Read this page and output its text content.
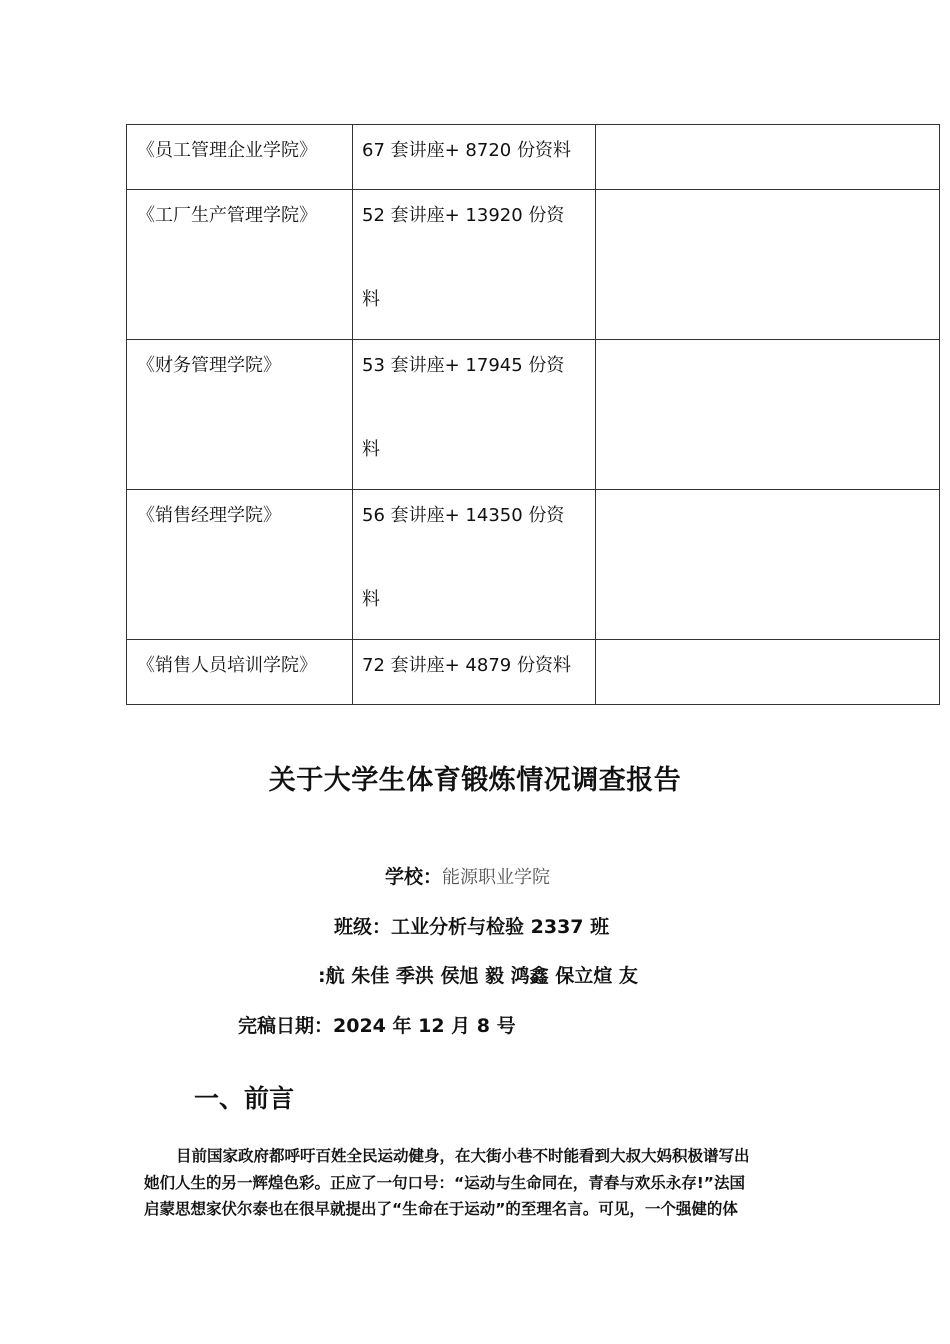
《员工管理企业学院》	67 套讲座+ 8720 份资料	

《工厂生产管理学院》	52 套讲座+ 13920 份资
料	

《财务管理学院》	53 套讲座+ 17945 份资
料	

《销售经理学院》	56 套讲座+ 14350 份资
料	

《销售人员培训学院》	72 套讲座+ 4879 份资料	

关于大学生体育锻炼情况调查报告
学校：能源职业学院
班级：工业分析与检验 2337 班
:航 朱佳 季洪 侯旭 毅 鸿鑫 保立煊 友
完稿日期：2024 年 12 月 8 号
一、前言
目前国家政府都呼吁百姓全民运动健身，在大街小巷不时能看到大叔大妈积极谱写出
她们人生的另一辉煌色彩。正应了一句口号：“运动与生命同在，青春与欢乐永存!”法国
启蒙思想家伏尔泰也在很早就提出了“生命在于运动”的至理名言。可见，一个强健的体
